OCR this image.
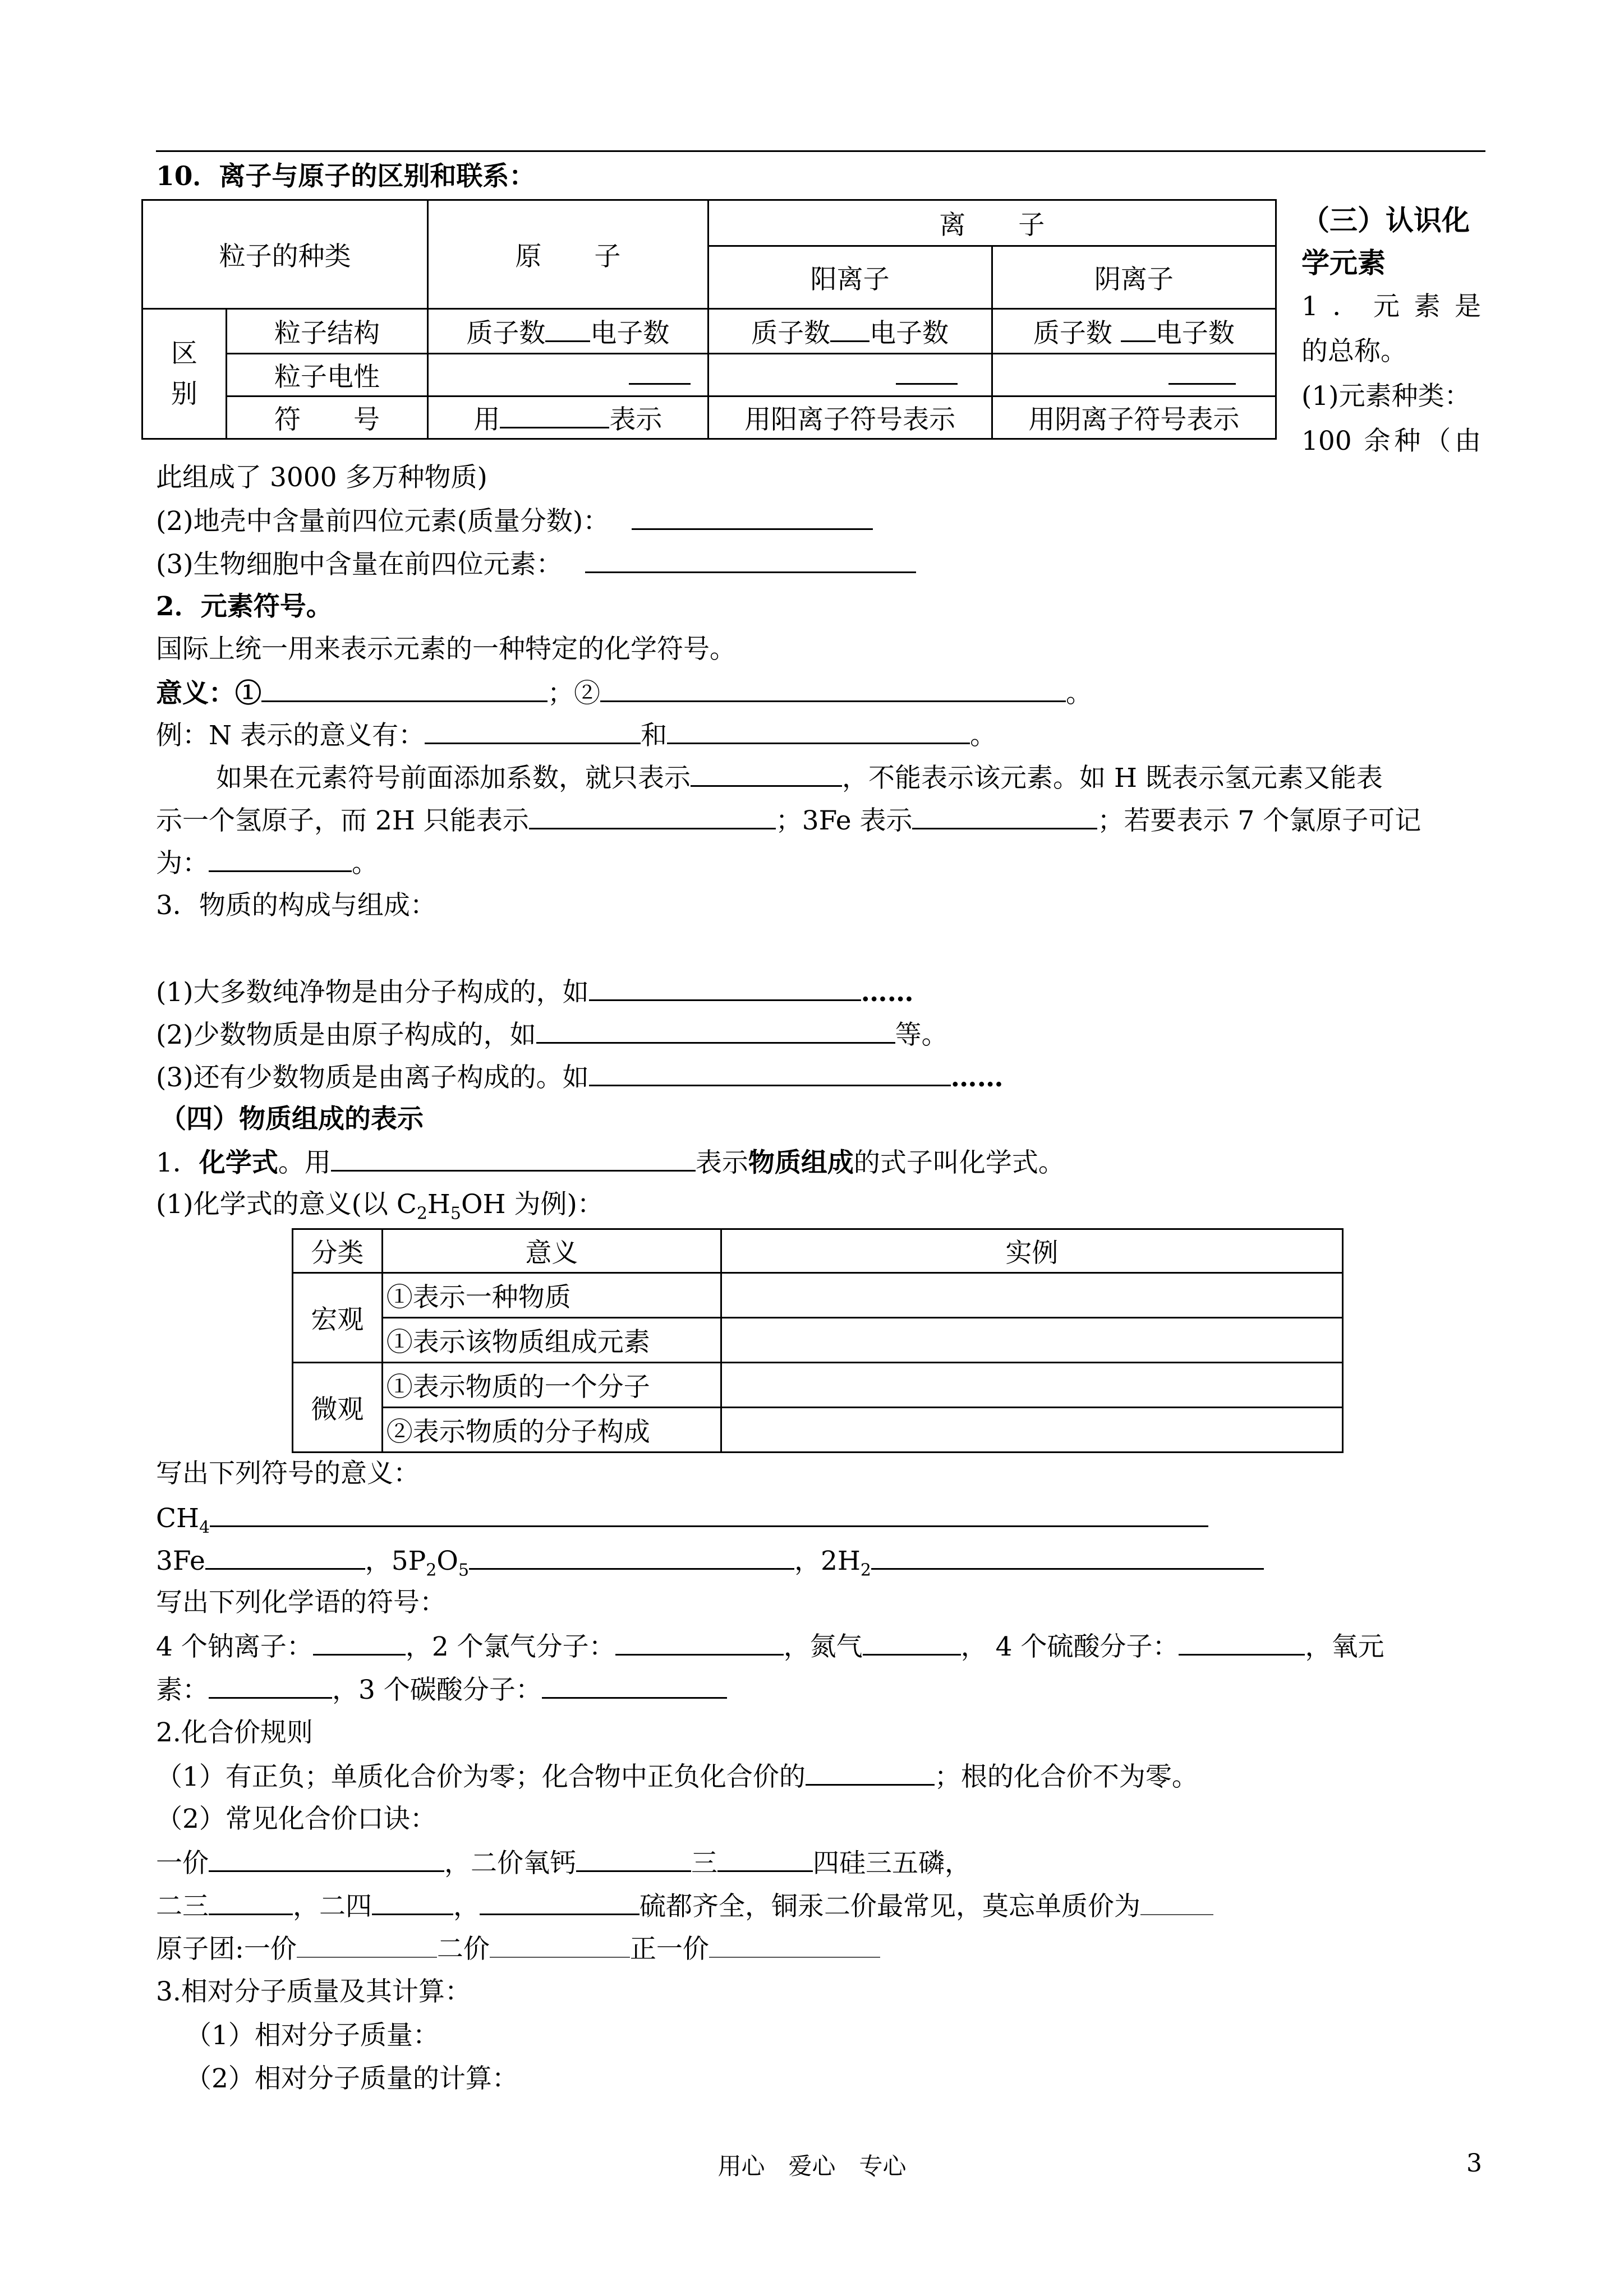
10．离子与原子的区别和联系：
粒子的种类		原　　子	离　　子	
			阳离子	阴离子
区
别	粒子结构	质子数 电子数	质子数 电子数	质子数 电子数
	粒子电性			
	符　　号	用 表示	用阳离子符号表示	用阴离子符号表示
（三）认识化学元素
1．元素是
的总称。
(1)元素种类：
100 余种（由
此组成了 3000 多万种物质)
(2)地壳中含量前四位元素(质量分数)：
(3)生物细胞中含量在前四位元素：
2．元素符号。
国际上统一用来表示元素的一种特定的化学符号。
意义：①	；②	。
例：N 表示的意义有：	和	。
如果在元素符号前面添加系数，就只表示	，不能表示该元素。如 H 既表示氢元素又能表
示一个氢原子，而 2H 只能表示	；3Fe 表示	；若要表示 7 个氯原子可记
为：	。
3．物质的构成与组成：
(1)大多数纯净物是由分子构成的，如	……
(2)少数物质是由原子构成的，如	等。
(3)还有少数物质是由离子构成的。如	……
（四）物质组成的表示
1．化学式。用	表示物质组成的式子叫化学式。
(1)化学式的意义(以 $C_2H_5OH$ 为例)：
分类	意义	实例
宏观	①表示一种物质	
	①表示该物质组成元素	
微观	①表示物质的一个分子	
	②表示物质的分子构成	
写出下列符号的意义：
$CH_4$
3Fe	，$5P_2O_5$	，$2H_2$
写出下列化学语的符号：
4 个钠离子：	，2 个氯气分子：	，氮气	， 4 个硫酸分子：	，氧元
素：	，3 个碳酸分子：
2.化合价规则
（1）有正负；单质化合价为零；化合物中正负化合价的	；根的化合价不为零。
（2）常见化合价口诀：
一价	，二价氧钙	三	四硅三五磷，
二三	，二四	，	硫都齐全，铜汞二价最常见，莫忘单质价为
原子团:一价	二价	正一价
3.相对分子质量及其计算：
（1）相对分子质量：
（2）相对分子质量的计算：
用心　爱心　专心	3
